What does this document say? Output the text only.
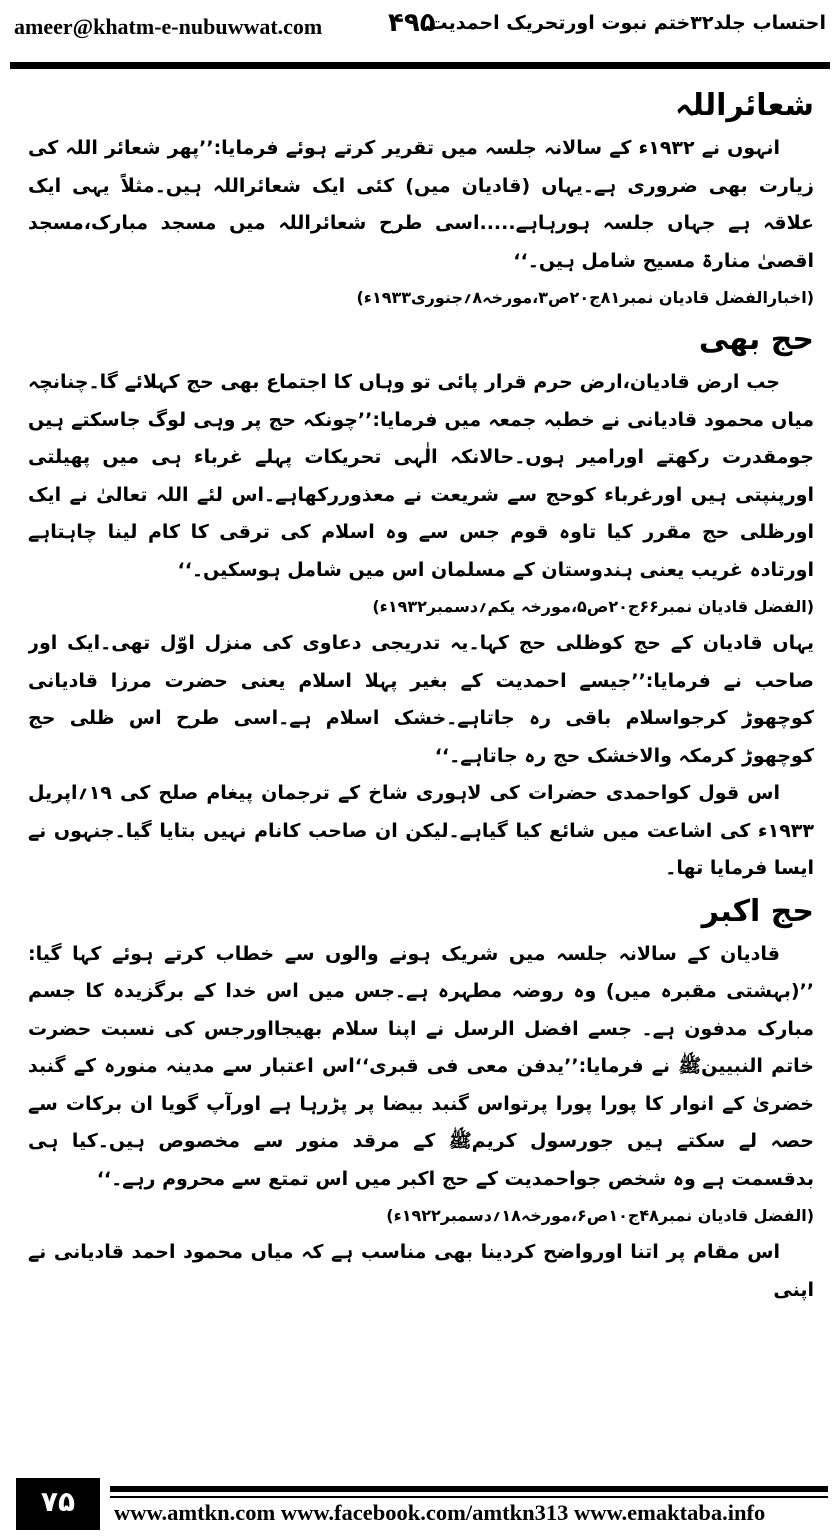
ameer@khatm-e-nubuwwat.com	۴۹۵
احتساب جلد۳۲ختم نبوت اورتحریک احمدیت
شعائراللہ
انہوں نے ۱۹۳۲ء کے سالانہ جلسہ میں تقریر کرتے ہوئے فرمایا:’’پھر شعائر اللہ کی زیارت بھی ضروری ہے۔یہاں (قادیان میں) کئی ایک شعائراللہ ہیں۔مثلاً یہی ایک علاقہ ہے جہاں جلسہ ہورہاہے.....اسی طرح شعائراللہ میں مسجد مبارک،مسجد اقصیٰ منارۃ مسیح شامل ہیں۔‘‘
(اخبارالفضل قادیان نمبر۸۱ج۲۰ص۳،مورخہ۸؍جنوری۱۹۳۳ء)
حج بھی
جب ارض قادیان،ارض حرم قرار پائی تو وہاں کا اجتماع بھی حج کہلائے گا۔چنانچہ میاں محمود قادیانی نے خطبہ جمعہ میں فرمایا:’’چونکہ حج پر وہی لوگ جاسکتے ہیں جومقدرت رکھتے اورامیر ہوں۔حالانکہ الٰہی تحریکات پہلے غرباء ہی میں پھیلتی اورپنپتی ہیں اورغرباء کوحج سے شریعت نے معذوررکھاہے۔اس لئے اللہ تعالیٰ نے ایک اورظلی حج مقرر کیا تاوہ قوم جس سے وہ اسلام کی ترقی کا کام لینا چاہتاہے اورتادہ غریب یعنی ہندوستان کے مسلمان اس میں شامل ہوسکیں۔‘‘
(الفضل قادیان نمبر۶۶ج۲۰ص۵،مورخہ یکم؍دسمبر۱۹۳۲ء)
یہاں قادیان کے حج کوظلی حج کہا۔یہ تدریجی دعاوی کی منزل اوّل تھی۔ایک اور صاحب نے فرمایا:’’جیسے احمدیت کے بغیر پہلا اسلام یعنی حضرت مرزا قادیانی کوچھوڑ کرجواسلام باقی رہ جاتاہے۔خشک اسلام ہے۔اسی طرح اس ظلی حج کوچھوڑ کرمکہ والاخشک حج رہ جاتاہے۔‘‘
اس قول کواحمدی حضرات کی لاہوری شاخ کے ترجمان پیغام صلح کی ۱۹؍اپریل ۱۹۳۳ء کی اشاعت میں شائع کیا گیاہے۔لیکن ان صاحب کانام نہیں بتایا گیا۔جنہوں نے ایسا فرمایا تھا۔
حج اکبر
قادیان کے سالانہ جلسہ میں شریک ہونے والوں سے خطاب کرتے ہوئے کہا گیا: ’’(بہشتی مقبرہ میں) وہ روضہ مطہرہ ہے۔جس میں اس خدا کے برگزیدہ کا جسم مبارک مدفون ہے۔ جسے افضل الرسل نے اپنا سلام بھیجااورجس کی نسبت حضرت خاتم النبیینﷺ نے فرمایا:’’یدفن معی فی قبری‘‘اس اعتبار سے مدینہ منورہ کے گنبد خضریٰ کے انوار کا پورا پورا پرتواس گنبد بیضا پر پڑرہا ہے اورآپ گویا ان برکات سے حصہ لے سکتے ہیں جورسول کریمﷺ کے مرقد منور سے مخصوص ہیں۔کیا ہی بدقسمت ہے وہ شخص جواحمدیت کے حج اکبر میں اس تمتع سے محروم رہے۔‘‘
(الفضل قادیان نمبر۴۸ج۱۰ص۶،مورخہ۱۸؍دسمبر۱۹۲۲ء)
اس مقام پر اتنا اورواضح کردینا بھی مناسب ہے کہ میاں محمود احمد قادیانی نے اپنی
۷۵	www.amtkn.com www.facebook.com/amtkn313 www.emaktaba.info
